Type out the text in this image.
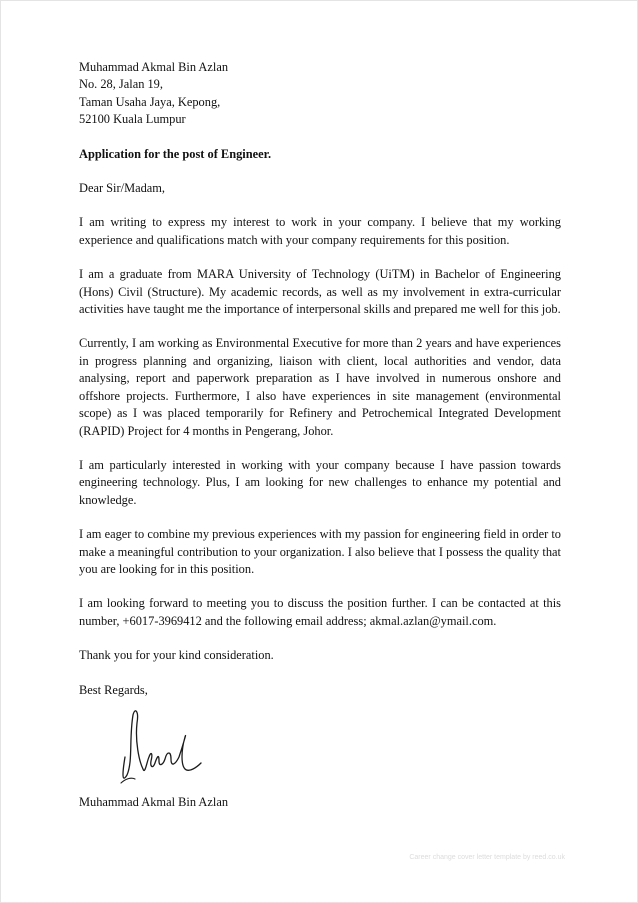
Muhammad Akmal Bin Azlan
No. 28, Jalan 19,
Taman Usaha Jaya, Kepong,
52100 Kuala Lumpur
Application for the post of Engineer.
Dear Sir/Madam,

I am writing to express my interest to work in your company. I believe that my working experience and qualifications match with your company requirements for this position.

I am a graduate from MARA University of Technology (UiTM) in Bachelor of Engineering (Hons) Civil (Structure). My academic records, as well as my involvement in extra-curricular activities have taught me the importance of interpersonal skills and prepared me well for this job.

Currently, I am working as Environmental Executive for more than 2 years and have experiences in progress planning and organizing, liaison with client, local authorities and vendor, data analysing, report and paperwork preparation as I have involved in numerous onshore and offshore projects. Furthermore, I also have experiences in site management (environmental scope) as I was placed temporarily for Refinery and Petrochemical Integrated Development (RAPID) Project for 4 months in Pengerang, Johor.

I am particularly interested in working with your company because I have passion towards engineering technology. Plus, I am looking for new challenges to enhance my potential and knowledge.

I am eager to combine my previous experiences with my passion for engineering field in order to make a meaningful contribution to your organization. I also believe that I possess the quality that you are looking for in this position.

I am looking forward to meeting you to discuss the position further. I can be contacted at this number, +6017-3969412 and the following email address; akmal.azlan@ymail.com.

Thank you for your kind consideration.
Best Regards,
Muhammad Akmal Bin Azlan
Career change cover letter template by reed.co.uk
